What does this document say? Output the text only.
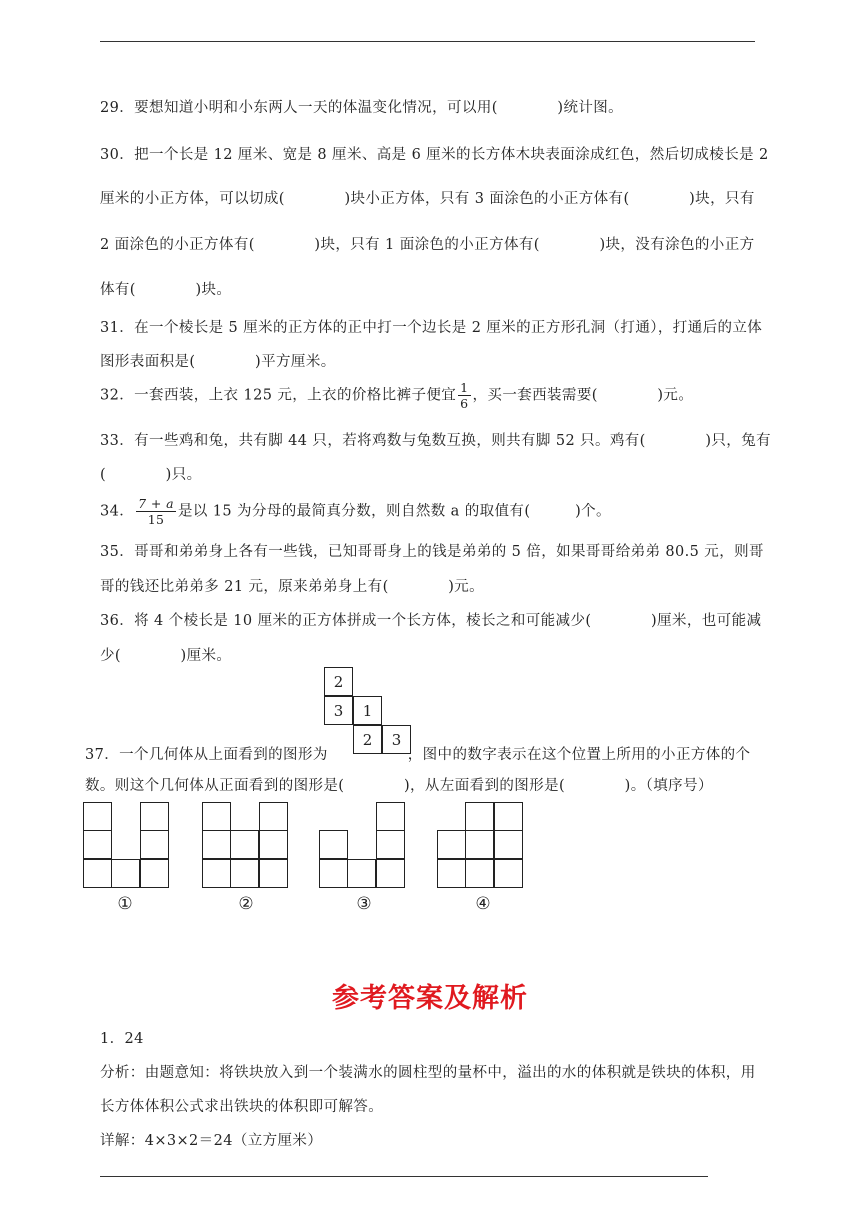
29．要想知道小明和小东两人一天的体温变化情况，可以用(　　　　)统计图。
30．把一个长是 12 厘米、宽是 8 厘米、高是 6 厘米的长方体木块表面涂成红色，然后切成棱长是 2
厘米的小正方体，可以切成(　　　　)块小正方体，只有 3 面涂色的小正方体有(　　　　)块，只有
2 面涂色的小正方体有(　　　　)块，只有 1 面涂色的小正方体有(　　　　)块，没有涂色的小正方
体有(　　　　)块。
31．在一个棱长是 5 厘米的正方体的正中打一个边长是 2 厘米的正方形孔洞（打通），打通后的立体
图形表面积是(　　　　)平方厘米。
32．一套西装，上衣 125 元，上衣的价格比裤子便宜 $\frac{1}{6}$ ，买一套西装需要(　　　　)元。
33．有一些鸡和兔，共有脚 44 只，若将鸡数与兔数互换，则共有脚 52 只。鸡有(　　　　)只，兔有
(　　　　)只。
34． $\frac{7 + a}{15}$ 是以 15 为分母的最简真分数，则自然数 a 的取值有(　　　)个。
35．哥哥和弟弟身上各有一些钱，已知哥哥身上的钱是弟弟的 5 倍，如果哥哥给弟弟 80.5 元，则哥
哥的钱还比弟弟多 21 元，原来弟弟身上有(　　　　)元。
36．将 4 个棱长是 10 厘米的正方体拼成一个长方体，棱长之和可能减少(　　　　)厘米，也可能减
少(　　　　)厘米。
2
3	1
2	3
37．一个几何体从上面看到的图形为	，图中的数字表示在这个位置上所用的小正方体的个
数。则这个几何体从正面看到的图形是(　　　　)，从左面看到的图形是(　　　　)。（填序号）
①	②	③	④
参考答案及解析
1．24
分析：由题意知：将铁块放入到一个装满水的圆柱型的量杯中，溢出的水的体积就是铁块的体积，用
长方体体积公式求出铁块的体积即可解答。
详解：4×3×2＝24（立方厘米）
